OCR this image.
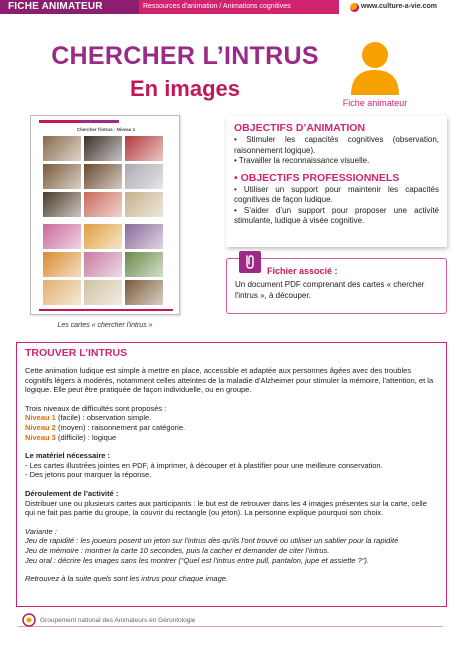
FICHE ANIMATEUR	Ressources d'animation / Animations cognitives	www.culture-a-vie.com
CHERCHER L’INTRUS
En images
Fiche animateur
Chercher l'intrus - Niveau 1
Les cartes « chercher l'intrus »
OBJECTIFS D’ANIMATION

• Stimuler les capacités cognitives (observation, raisonnement logique).

• Travailler la reconnaissance visuelle.

• OBJECTIFS PROFESSIONNELS

• Utiliser un support pour maintenir les capacités cognitives de façon ludique.

• S’aider d’un support pour proposer une activité stimulante, ludique à visée cognitive.

Fichier associé :

Un document PDF comprenant des cartes « chercher l'intrus », à découper.

TROUVER L’INTRUS

Cette animation ludique est simple à mettre en place, accessible et adaptée aux personnes âgées avec des troubles cognitifs légers à modérés, notamment celles atteintes de la maladie d’Alzheimer pour stimuler la mémoire, l’attention, et la logique. Elle peut être pratiquée de façon individuelle, ou en groupe.

Trois niveaux de difficultés sont proposés :

Niveau 1 (facile) : observation simple.

Niveau 2 (moyen) : raisonnement par catégorie.

Niveau 3 (difficile) : logique

Le matériel nécessaire :

- Les cartes illustrées jointes en PDF, à imprimer, à découper et à plastifier pour une meilleure conservation.

- Des jetons pour marquer la réponse.

Déroulement de l’activité :

Distribuer une ou plusieurs cartes aux participants : le but est de retrouver dans les 4 images présentes sur la carte, celle qui ne fait pas partie du groupe, la couvrir du rectangle (ou jeton). La personne explique pourquoi son choix.

Variante :

Jeu de rapidité : les joueurs posent un jeton sur l'intrus dès qu'ils l'ont trouvé ou utiliser un sablier pour la rapidité

Jeu de mémoire : montrer la carte 10 secondes, puis la cacher et demander de citer l’intrus.

Jeu oral : décrire les images sans les montrer (“Quel est l’intrus entre pull, pantalon, jupe et assiette ?”).

Retrouvez à la suite quels sont les intrus pour chaque image.

Groupement national des Animateurs en Gérontologie
